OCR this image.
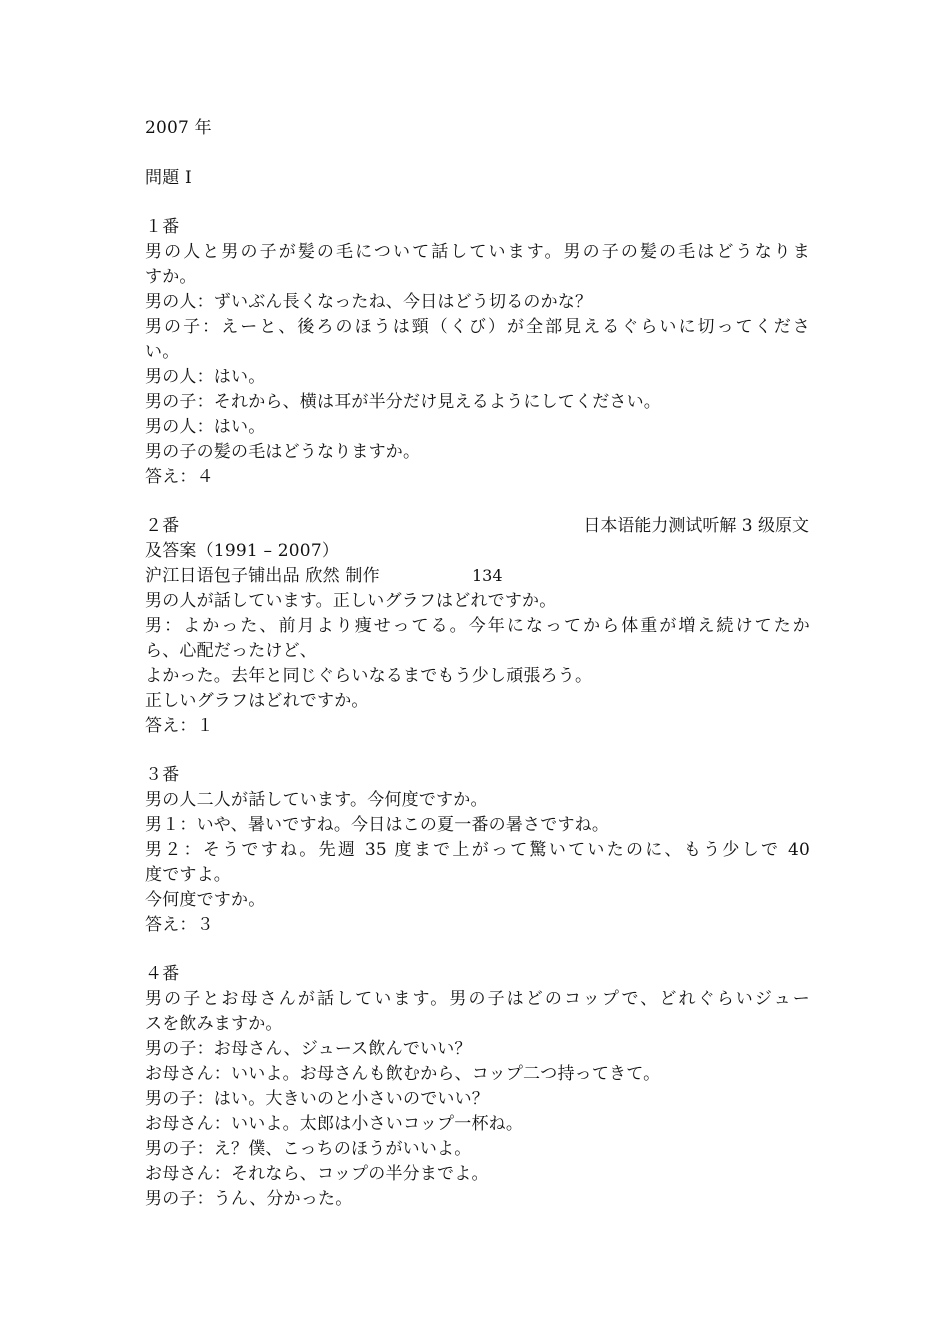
2007 年
問題 I
１番
男の人と男の子が髪の毛について話しています。男の子の髪の毛はどうなりま
すか。
男の人：ずいぶん長くなったね、今日はどう切るのかな？
男の子：えーと、後ろのほうは頸（くび）が全部見えるぐらいに切ってくださ
い。
男の人：はい。
男の子：それから、横は耳が半分だけ見えるようにしてください。
男の人：はい。
男の子の髪の毛はどうなりますか。
答え：４
２番	日本语能力测试听解 3 级原文
及答案（1991 – 2007）
沪江日语包子铺出品 欣然 制作	134
男の人が話しています。正しいグラフはどれですか。
男：よかった、前月より痩せってる。今年になってから体重が増え続けてたか
ら、心配だったけど、
よかった。去年と同じぐらいなるまでもう少し頑張ろう。
正しいグラフはどれですか。
答え：１
３番
男の人二人が話しています。今何度ですか。
男１：いや、暑いですね。今日はこの夏一番の暑さですね。
男２：そうですね。先週 35 度まで上がって驚いていたのに、もう少しで 40
度ですよ。
今何度ですか。
答え：３
４番
男の子とお母さんが話しています。男の子はどのコップで、どれぐらいジュー
スを飲みますか。
男の子：お母さん、ジュース飲んでいい？
お母さん：いいよ。お母さんも飲むから、コップ二つ持ってきて。
男の子：はい。大きいのと小さいのでいい？
お母さん：いいよ。太郎は小さいコップ一杯ね。
男の子：え？僕、こっちのほうがいいよ。
お母さん：それなら、コップの半分までよ。
男の子：うん、分かった。
